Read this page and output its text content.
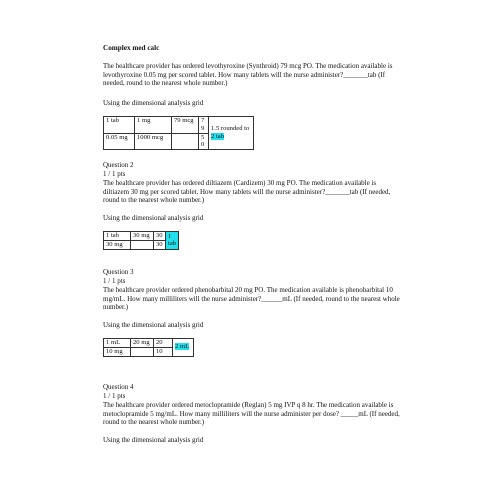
Complex med calc

The healthcare provider has ordered levothyroxine (Synthroid) 79 mcg PO. The medication available is levothyroxine 0.05 mg per scored tablet. How many tablets will the nurse administer?_______tab (If needed, round to the nearest whole number.)

Using the dimensional analysis grid

1 tab	1 mg	79 mcg	7 9	1.5 rounded to 2 tab
0.05 mg	1000 mcg		5 0	

Question 2

1 / 1 pts

The healthcare provider has ordered diltiazem (Cardizem) 30 mg PO. The medication available is diltiazem 30 mg per scored tablet. How many tablets will the nurse administer?_______tab (If needed, round to the nearest whole number.)

Using the dimensional analysis grid

1 tab	30 mg	30	1 tab
30 mg		30	

Question 3

1 / 1 pts

The healthcare provider ordered phenobarbital 20 mg PO. The medication available is phenobarbital 10 mg/mL. How many milliliters will the nurse administer?______mL (If needed, round to the nearest whole number.)

Using the dimensional analysis grid

1 mL	20 mg	20	2 mL
10 mg		10	

Question 4

1 / 1 pts

The healthcare provider ordered metoclopramide (Reglan) 5 mg IVP q 8 hr. The medication available is metoclopramide 5 mg/mL. How many milliliters will the nurse administer per dose? _____mL (If needed, round to the nearest whole number.)

Using the dimensional analysis grid
